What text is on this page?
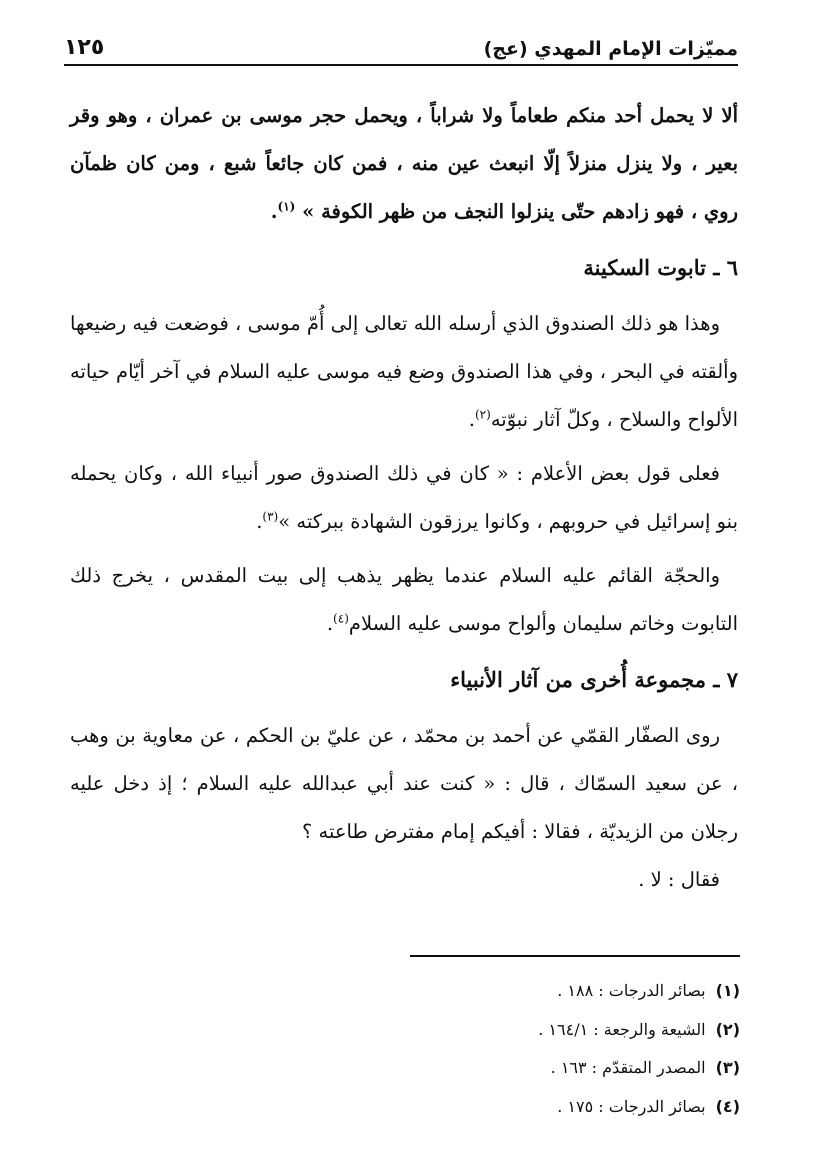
مميّزات الإمام المهدي (عج)
١٢٥

ألا لا يحمل أحد منكم طعاماً ولا شراباً ، ويحمل حجر موسى بن عمران ، وهو وقر بعير ، ولا ينزل منزلاً إلّا انبعث عين منه ، فمن كان جائعاً شبع ، ومن كان ظمآن روي ، فهو زادهم حتّى ينزلوا النجف من ظهر الكوفة » $^{(١)}$.

٦ ـ تابوت السكينة

وهذا هو ذلك الصندوق الذي أرسله الله تعالى إلى أُمّ موسى ، فوضعت فيه رضيعها وألقته في البحر ، وفي هذا الصندوق وضع فيه موسى عليه السلام في آخر أيّام حياته الألواح والسلاح ، وكلّ آثار نبوّته$^{(٢)}$.

فعلى قول بعض الأعلام : « كان في ذلك الصندوق صور أنبياء الله ، وكان يحمله بنو إسرائيل في حروبهم ، وكانوا يرزقون الشهادة ببركته »$^{(٣)}$.

والحجّة القائم عليه السلام عندما يظهر يذهب إلى بيت المقدس ، يخرج ذلك التابوت وخاتم سليمان وألواح موسى عليه السلام$^{(٤)}$.

٧ ـ مجموعة أُخرى من آثار الأنبياء

روى الصفّار القمّي عن أحمد بن محمّد ، عن عليّ بن الحكم ، عن معاوية بن وهب ، عن سعيد السمّاك ، قال : « كنت عند أبي عبدالله عليه السلام ؛ إذ دخل عليه رجلان من الزيديّة ، فقالا : أفيكم إمام مفترض طاعته ؟

فقال : لا .

(١)
بصائر الدرجات : ١٨٨ .
(٢)
الشيعة والرجعة : ١٦٤/١ .
(٣)
المصدر المتقدّم : ١٦٣ .
(٤)
بصائر الدرجات : ١٧٥ .
